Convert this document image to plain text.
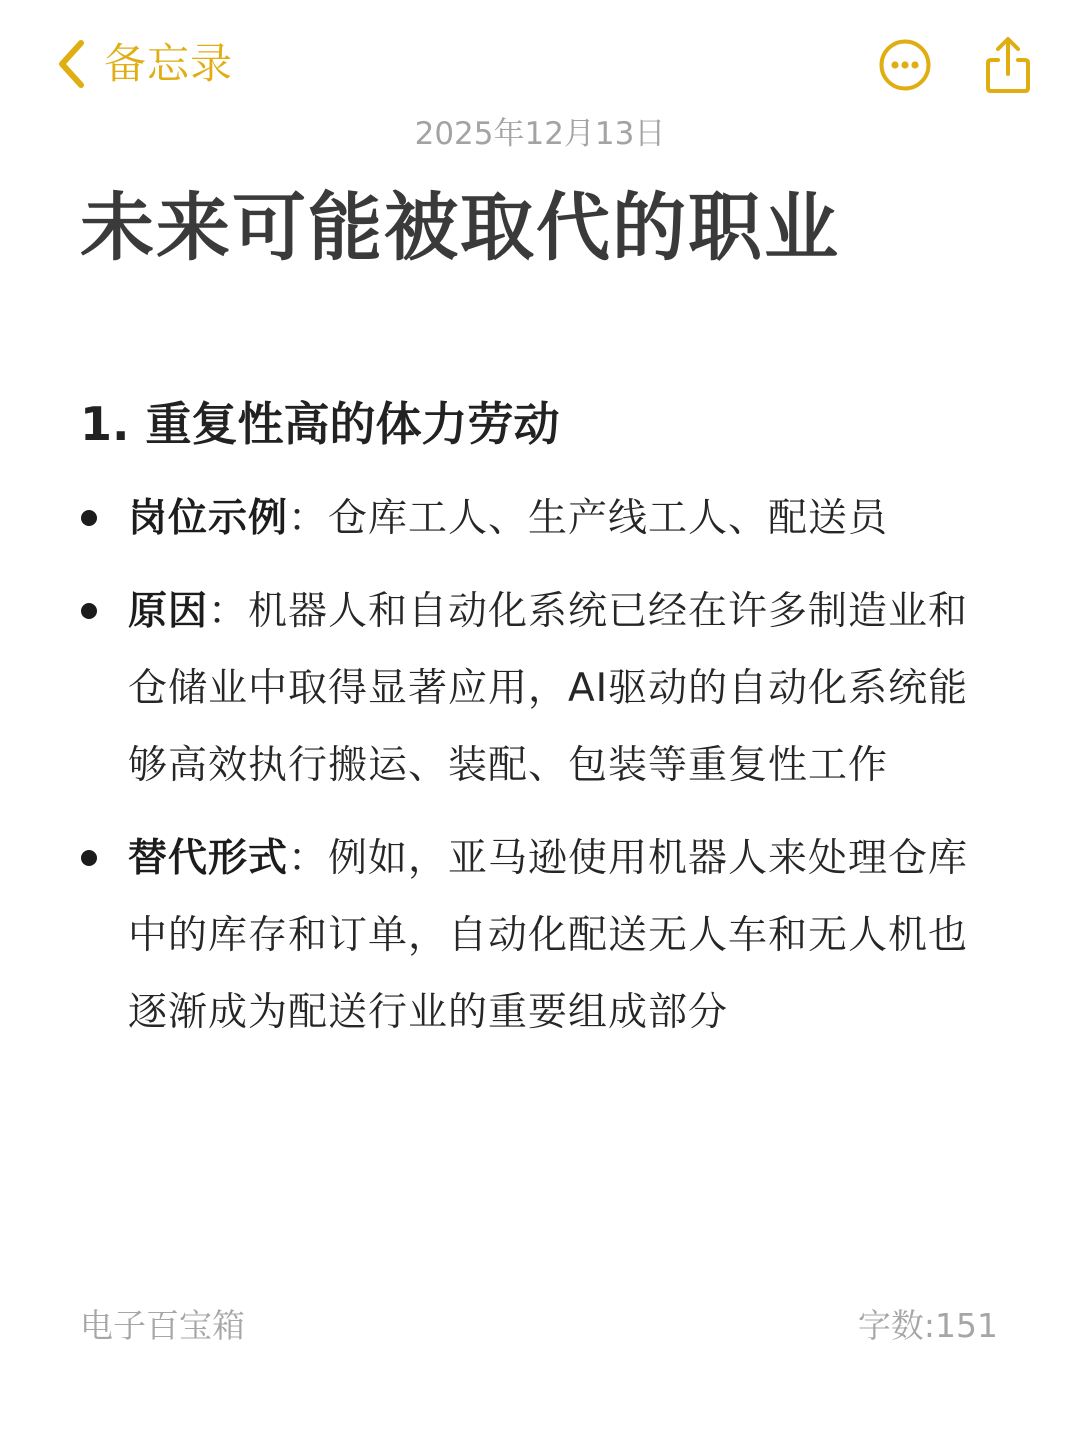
备忘录
2025年12月13日
未来可能被取代的职业
1. 重复性高的体力劳动
岗位示例：仓库工人、生产线工人、配送员
原因：机器人和自动化系统已经在许多制造业和仓储业中取得显著应用，AI驱动的自动化系统能够高效执行搬运、装配、包装等重复性工作
替代形式：例如，亚马逊使用机器人来处理仓库中的库存和订单，自动化配送无人车和无人机也逐渐成为配送行业的重要组成部分
电子百宝箱	字数:151
